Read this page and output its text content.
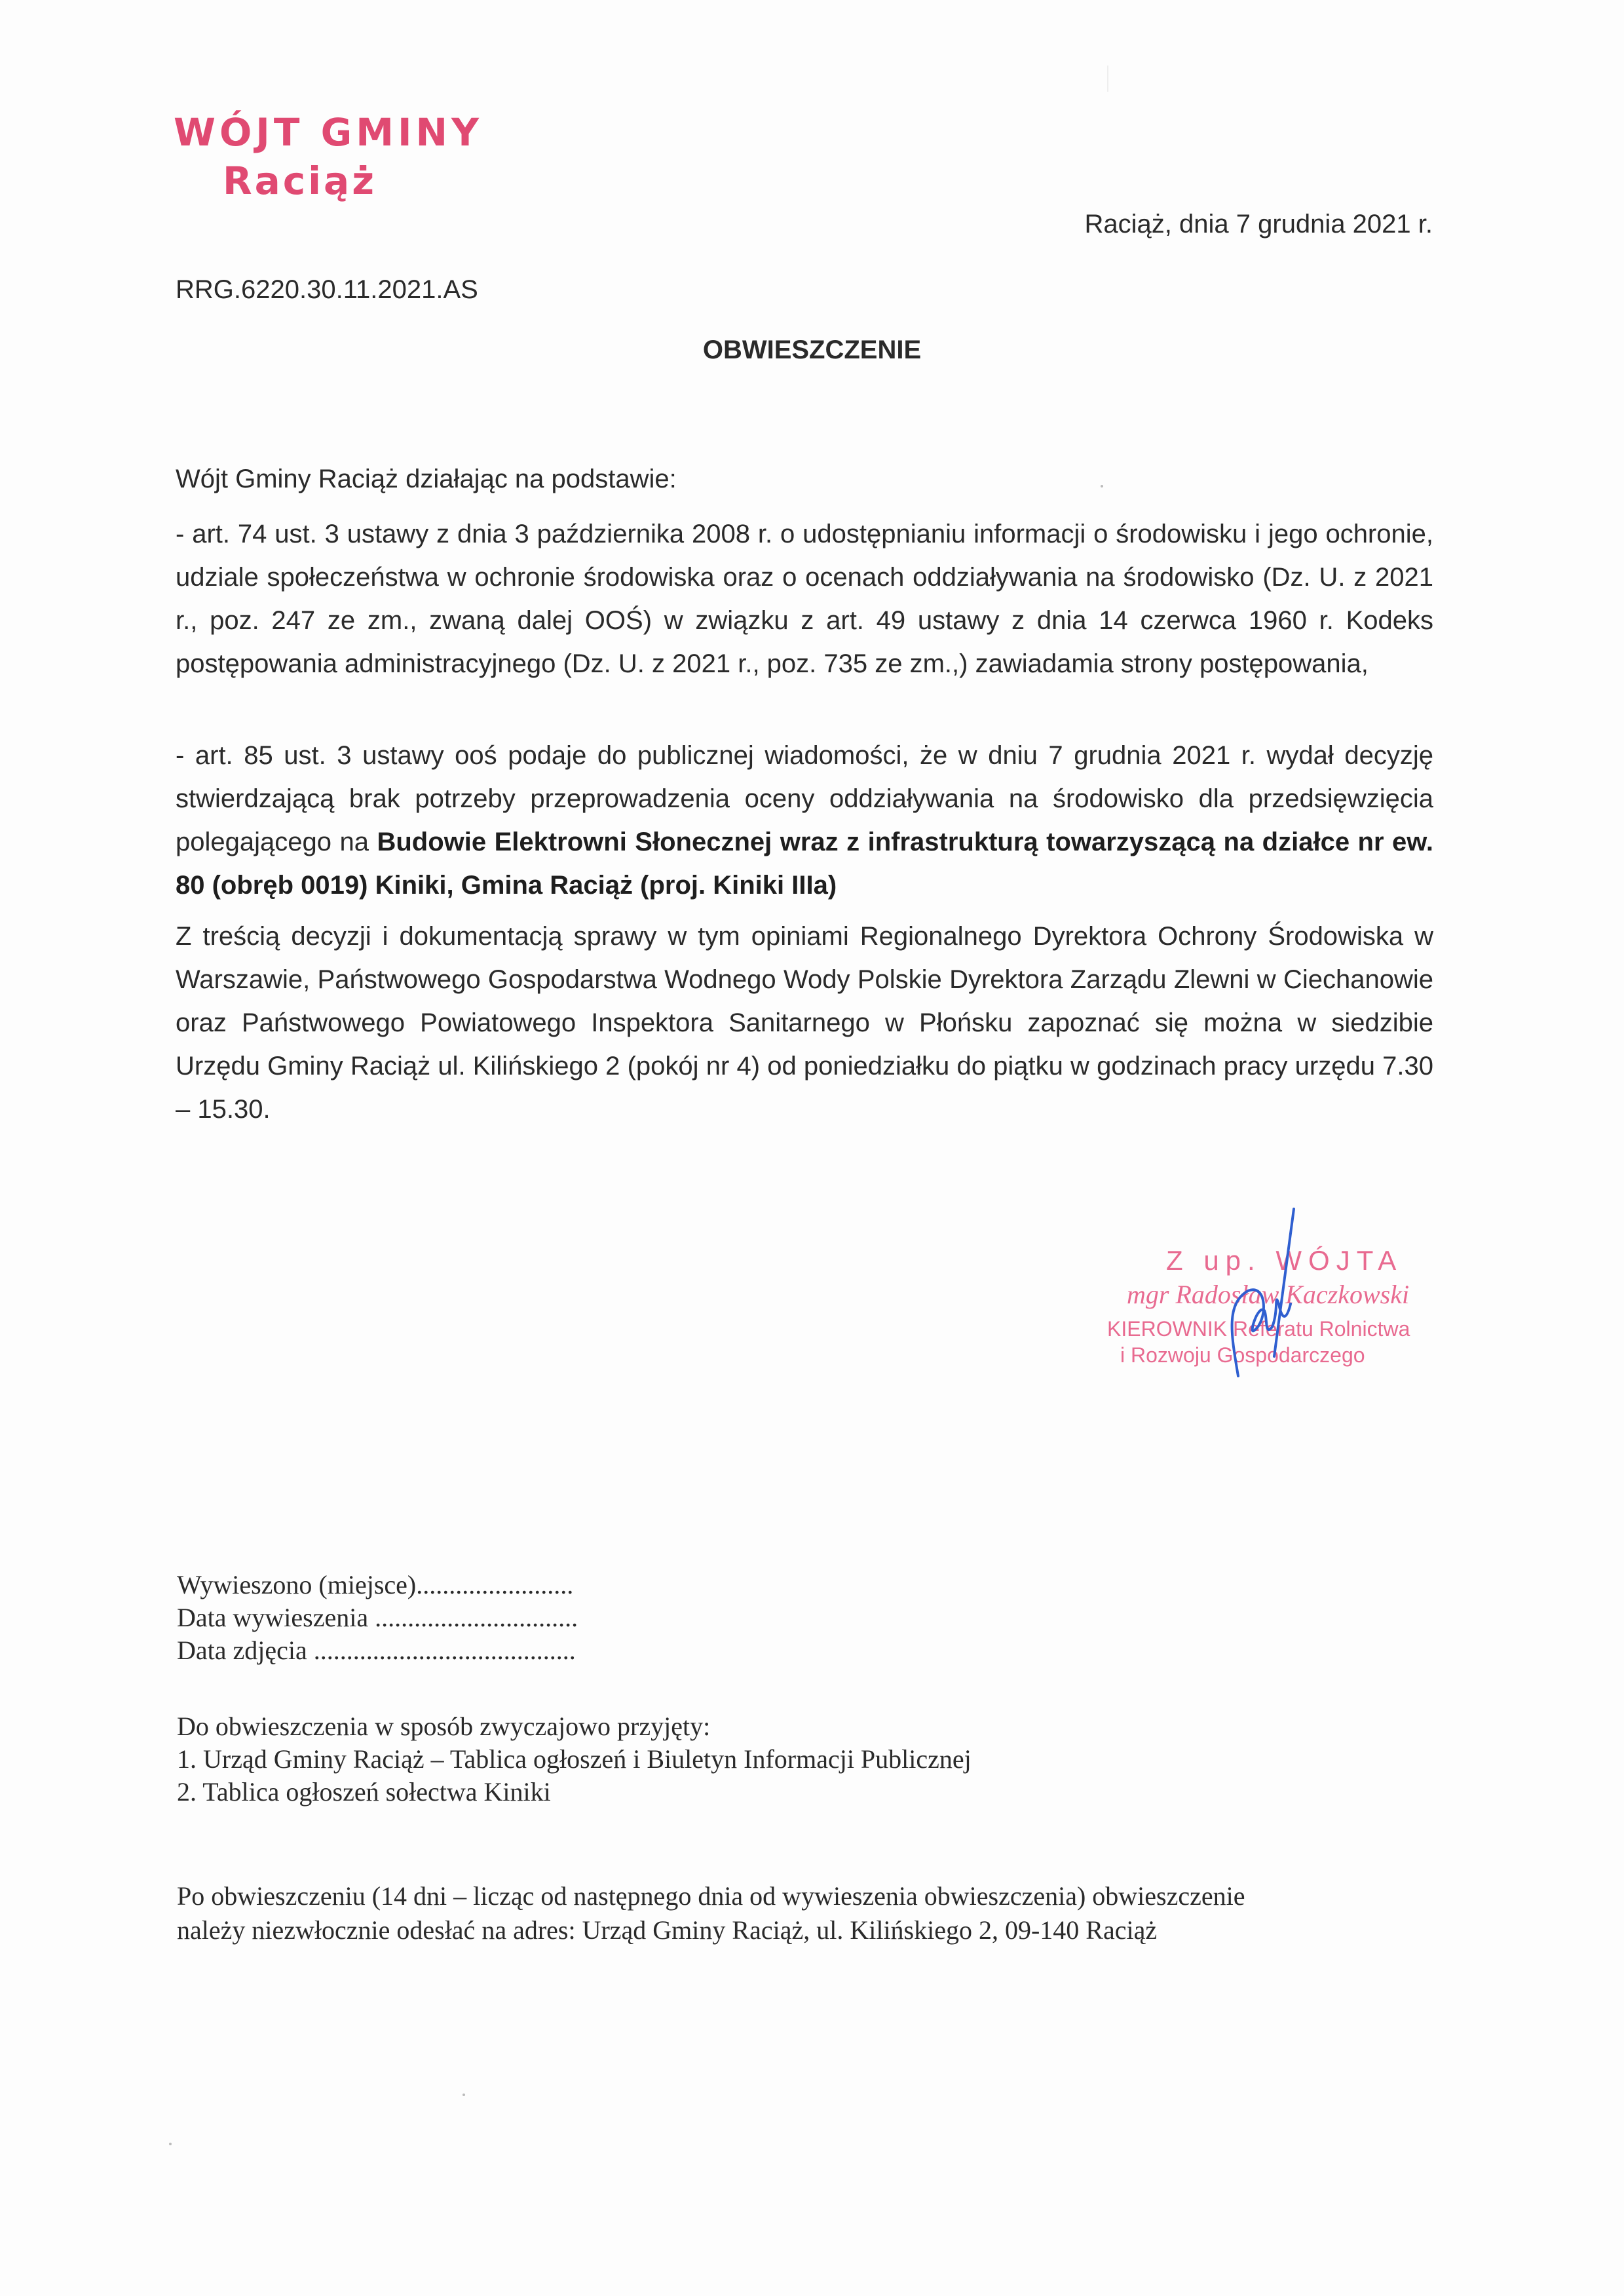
WÓJT GMINY
Raciąż
Raciąż, dnia 7 grudnia 2021 r.
RRG.6220.30.11.2021.AS
OBWIESZCZENIE

Wójt Gminy Raciąż działając na podstawie:

- art. 74 ust. 3 ustawy z dnia 3 października 2008 r. o udostępnianiu informacji o środowisku i jego ochronie, udziale społeczeństwa w ochronie środowiska oraz o ocenach oddziaływania na środowisko (Dz. U. z 2021 r., poz. 247 ze zm., zwaną dalej OOŚ) w związku z art. 49 ustawy z dnia 14 czerwca 1960 r. Kodeks postępowania administracyjnego (Dz. U. z 2021 r., poz. 735 ze zm.,) zawiadamia strony postępowania,

- art. 85 ust. 3 ustawy ooś podaje do publicznej wiadomości, że w dniu 7 grudnia 2021 r. wydał decyzję stwierdzającą brak potrzeby przeprowadzenia oceny oddziaływania na środowisko dla przedsięwzięcia polegającego na Budowie Elektrowni Słonecznej wraz z infrastrukturą towarzyszącą na działce nr ew. 80 (obręb 0019) Kiniki, Gmina Raciąż (proj. Kiniki IIIa)

Z treścią decyzji i dokumentacją sprawy w tym opiniami Regionalnego Dyrektora Ochrony Środowiska w Warszawie, Państwowego Gospodarstwa Wodnego Wody Polskie Dyrektora Zarządu Zlewni w Ciechanowie oraz Państwowego Powiatowego Inspektora Sanitarnego w Płońsku zapoznać się można w siedzibie Urzędu Gminy Raciąż ul. Kilińskiego 2 (pokój nr 4) od poniedziałku do piątku w godzinach pracy urzędu 7.30 – 15.30.

Z up. WÓJTA
mgr Radosław Kaczkowski
KIEROWNIK Referatu Rolnictwa
i Rozwoju Gospodarczego
Wywieszono (miejsce)........................
Data wywieszenia ...............................
Data zdjęcia ........................................
Do obwieszczenia w sposób zwyczajowo przyjęty:
1. Urząd Gminy Raciąż – Tablica ogłoszeń i Biuletyn Informacji Publicznej
2. Tablica ogłoszeń sołectwa Kiniki
Po obwieszczeniu (14 dni – licząc od następnego dnia od wywieszenia obwieszczenia) obwieszczenie
należy niezwłocznie odesłać na adres: Urząd Gminy Raciąż, ul. Kilińskiego 2, 09-140 Raciąż
